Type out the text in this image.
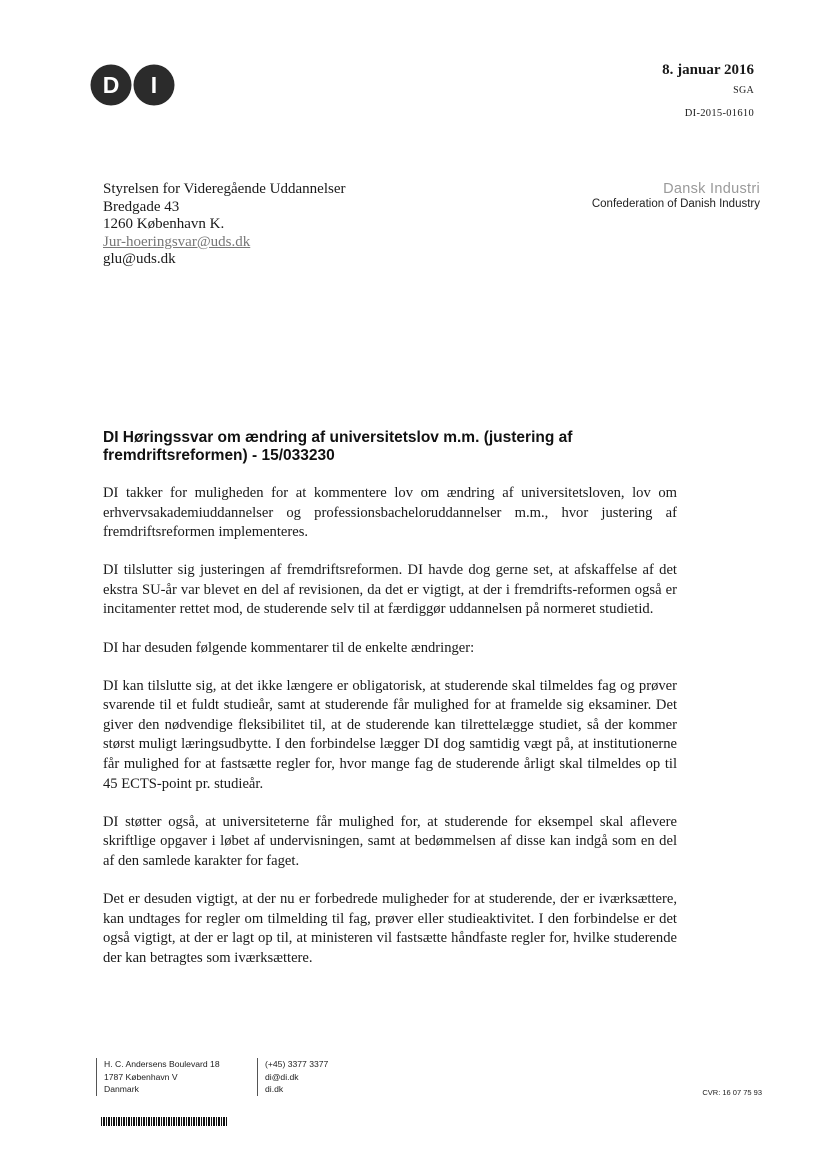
D I
8. januar 2016
SGA
DI-2015-01610
Styrelsen for Videregående Uddannelser
Bredgade 43
1260 København K.
Jur-hoeringsvar@uds.dk
glu@uds.dk
Dansk Industri
Confederation of Danish Industry
DI Høringssvar om ændring af universitetslov m.m. (justering af fremdriftsreformen) - 15/033230

DI takker for muligheden for at kommentere lov om ændring af universitetsloven, lov om erhvervsakademiuddannelser og professionsbacheloruddannelser m.m., hvor justering af fremdriftsreformen implementeres.

DI tilslutter sig justeringen af fremdriftsreformen. DI havde dog gerne set, at afskaffelse af det ekstra SU-år var blevet en del af revisionen, da det er vigtigt, at der i fremdrifts-reformen også er incitamenter rettet mod, de studerende selv til at færdiggør uddannelsen på normeret studietid.

DI har desuden følgende kommentarer til de enkelte ændringer:

DI kan tilslutte sig, at det ikke længere er obligatorisk, at studerende skal tilmeldes fag og prøver svarende til et fuldt studieår, samt at studerende får mulighed for at framelde sig eksaminer. Det giver den nødvendige fleksibilitet til, at de studerende kan tilrettelægge studiet, så der kommer størst muligt læringsudbytte. I den forbindelse lægger DI dog samtidig vægt på, at institutionerne får mulighed for at fastsætte regler for, hvor mange fag de studerende årligt skal tilmeldes op til 45 ECTS-point pr. studieår.

DI støtter også, at universiteterne får mulighed for, at studerende for eksempel skal aflevere skriftlige opgaver i løbet af undervisningen, samt at bedømmelsen af disse kan indgå som en del af den samlede karakter for faget.

Det er desuden vigtigt, at der nu er forbedrede muligheder for at studerende, der er iværksættere, kan undtages for regler om tilmelding til fag, prøver eller studieaktivitet. I den forbindelse er det også vigtigt, at der er lagt op til, at ministeren vil fastsætte håndfaste regler for, hvilke studerende der kan betragtes som iværksættere.

H. C. Andersens Boulevard 18
1787 København V
Danmark
(+45) 3377 3377
di@di.dk
di.dk	CVR: 16 07 75 93
